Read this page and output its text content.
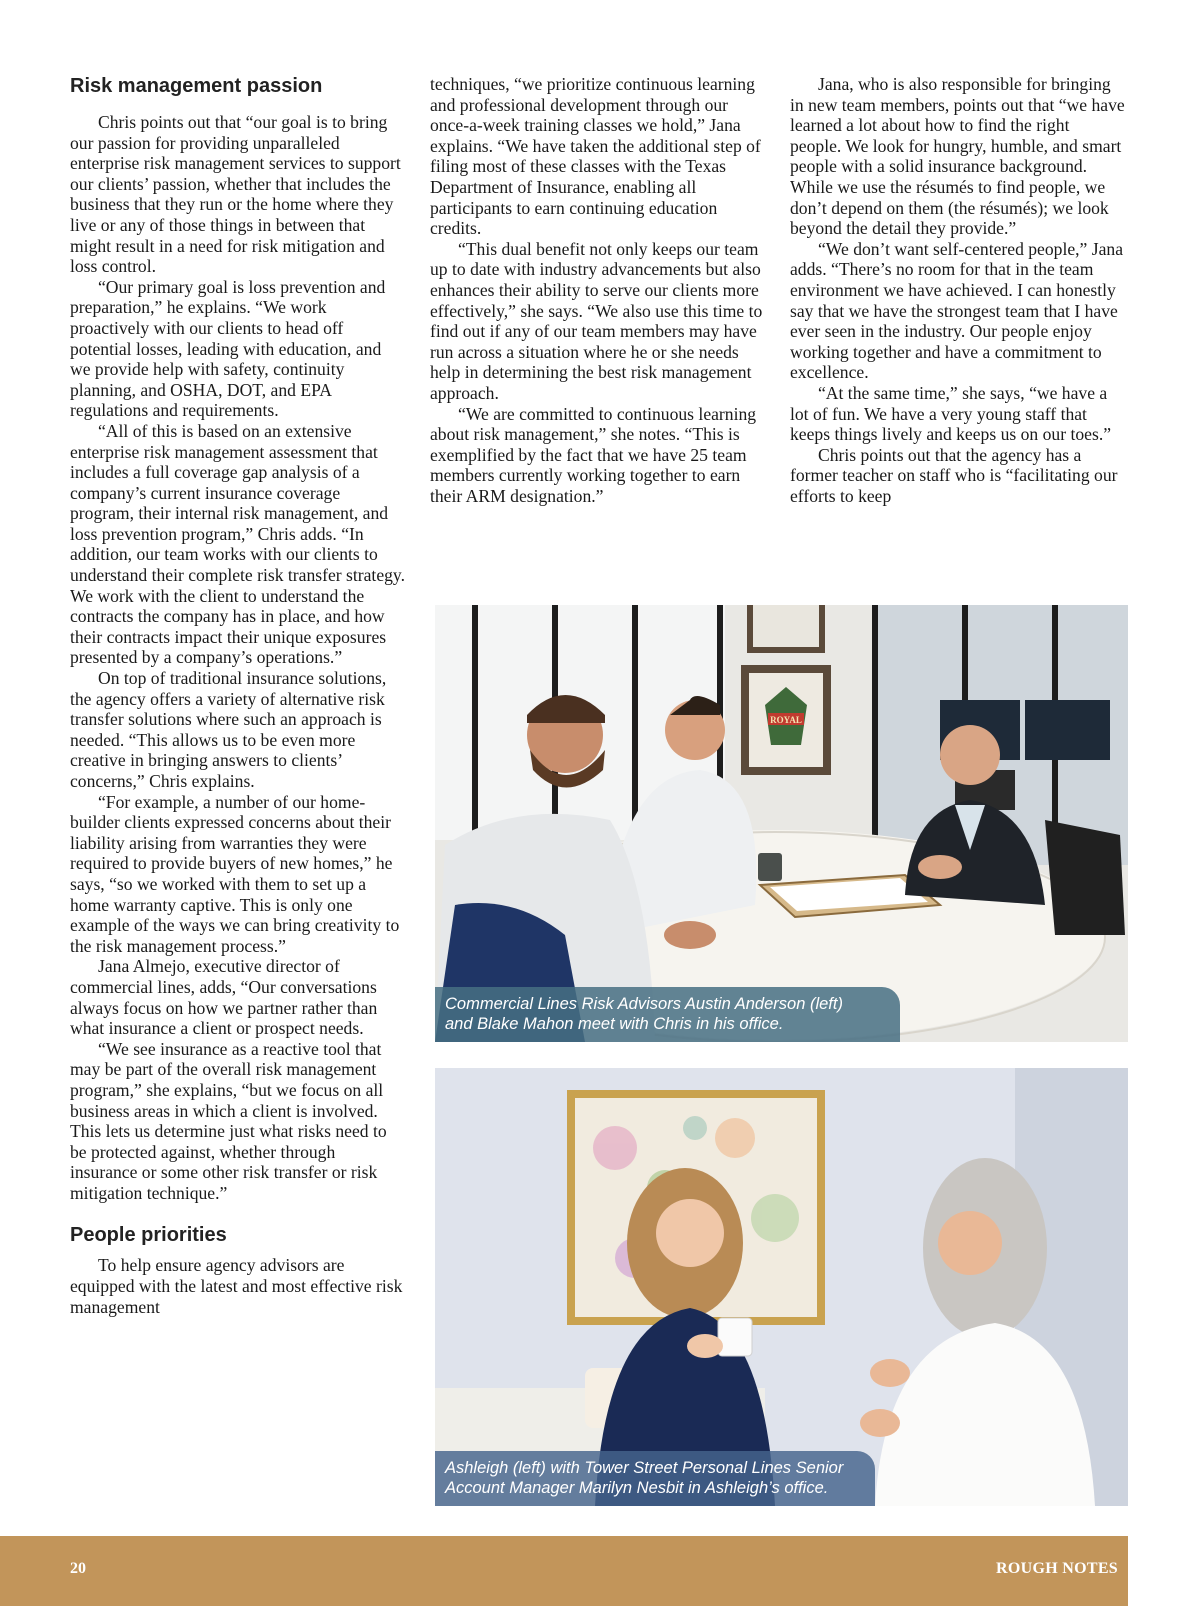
Risk management passion

Chris points out that “our goal is to bring our passion for providing unparalleled enterprise risk management services to support our clients’ passion, whether that includes the business that they run or the home where they live or any of those things in between that might result in a need for risk mitigation and loss control.

“Our primary goal is loss prevention and preparation,” he explains. “We work proactively with our clients to head off potential losses, leading with education, and we provide help with safety, continuity planning, and OSHA, DOT, and EPA regulations and requirements.

“All of this is based on an extensive enterprise risk management assessment that includes a full coverage gap analysis of a company’s current insurance coverage program, their internal risk management, and loss prevention program,” Chris adds. “In addition, our team works with our clients to understand their complete risk transfer strategy. We work with the client to understand the contracts the company has in place, and how their contracts impact their unique exposures presented by a company’s operations.”

On top of traditional insurance solutions, the agency offers a variety of alternative risk transfer solutions where such an approach is needed. “This allows us to be even more creative in bringing answers to clients’ concerns,” Chris explains.

“For example, a number of our home-builder clients expressed concerns about their liability arising from warranties they were required to provide buyers of new homes,” he says, “so we worked with them to set up a home warranty captive. This is only one example of the ways we can bring creativity to the risk management process.”

Jana Almejo, executive director of commercial lines, adds, “Our conversations always focus on how we partner rather than what insurance a client or prospect needs.

“We see insurance as a reactive tool that may be part of the overall risk management program,” she explains, “but we focus on all business areas in which a client is involved. This lets us determine just what risks need to be protected against, whether through insurance or some other risk transfer or risk mitigation technique.”

People priorities

To help ensure agency advisors are equipped with the latest and most effective risk management

techniques, “we prioritize continuous learning and professional development through our once-a-week training classes we hold,” Jana explains. “We have taken the additional step of filing most of these classes with the Texas Department of Insurance, enabling all participants to earn continuing education credits.

“This dual benefit not only keeps our team up to date with industry advancements but also enhances their ability to serve our clients more effectively,” she says. “We also use this time to find out if any of our team members may have run across a situation where he or she needs help in determining the best risk management approach.

“We are committed to continuous learning about risk management,” she notes. “This is exemplified by the fact that we have 25 team members currently working together to earn their ARM designation.”

Jana, who is also responsible for bringing in new team members, points out that “we have learned a lot about how to find the right people. We look for hungry, humble, and smart people with a solid insurance background. While we use the résumés to find people, we don’t depend on them (the résumés); we look beyond the detail they provide.”

“We don’t want self-centered people,” Jana adds. “There’s no room for that in the team environment we have achieved. I can honestly say that we have the strongest team that I have ever seen in the industry. Our people enjoy working together and have a commitment to excellence.

“At the same time,” she says, “we have a lot of fun. We have a very young staff that keeps things lively and keeps us on our toes.”

Chris points out that the agency has a former teacher on staff who is “facilitating our efforts to keep

ROYAL
Commercial Lines Risk Advisors Austin Anderson (left)
and Blake Mahon meet with Chris in his office.
Ashleigh (left) with Tower Street Personal Lines Senior
Account Manager Marilyn Nesbit in Ashleigh’s office.
20	ROUGH NOTES
